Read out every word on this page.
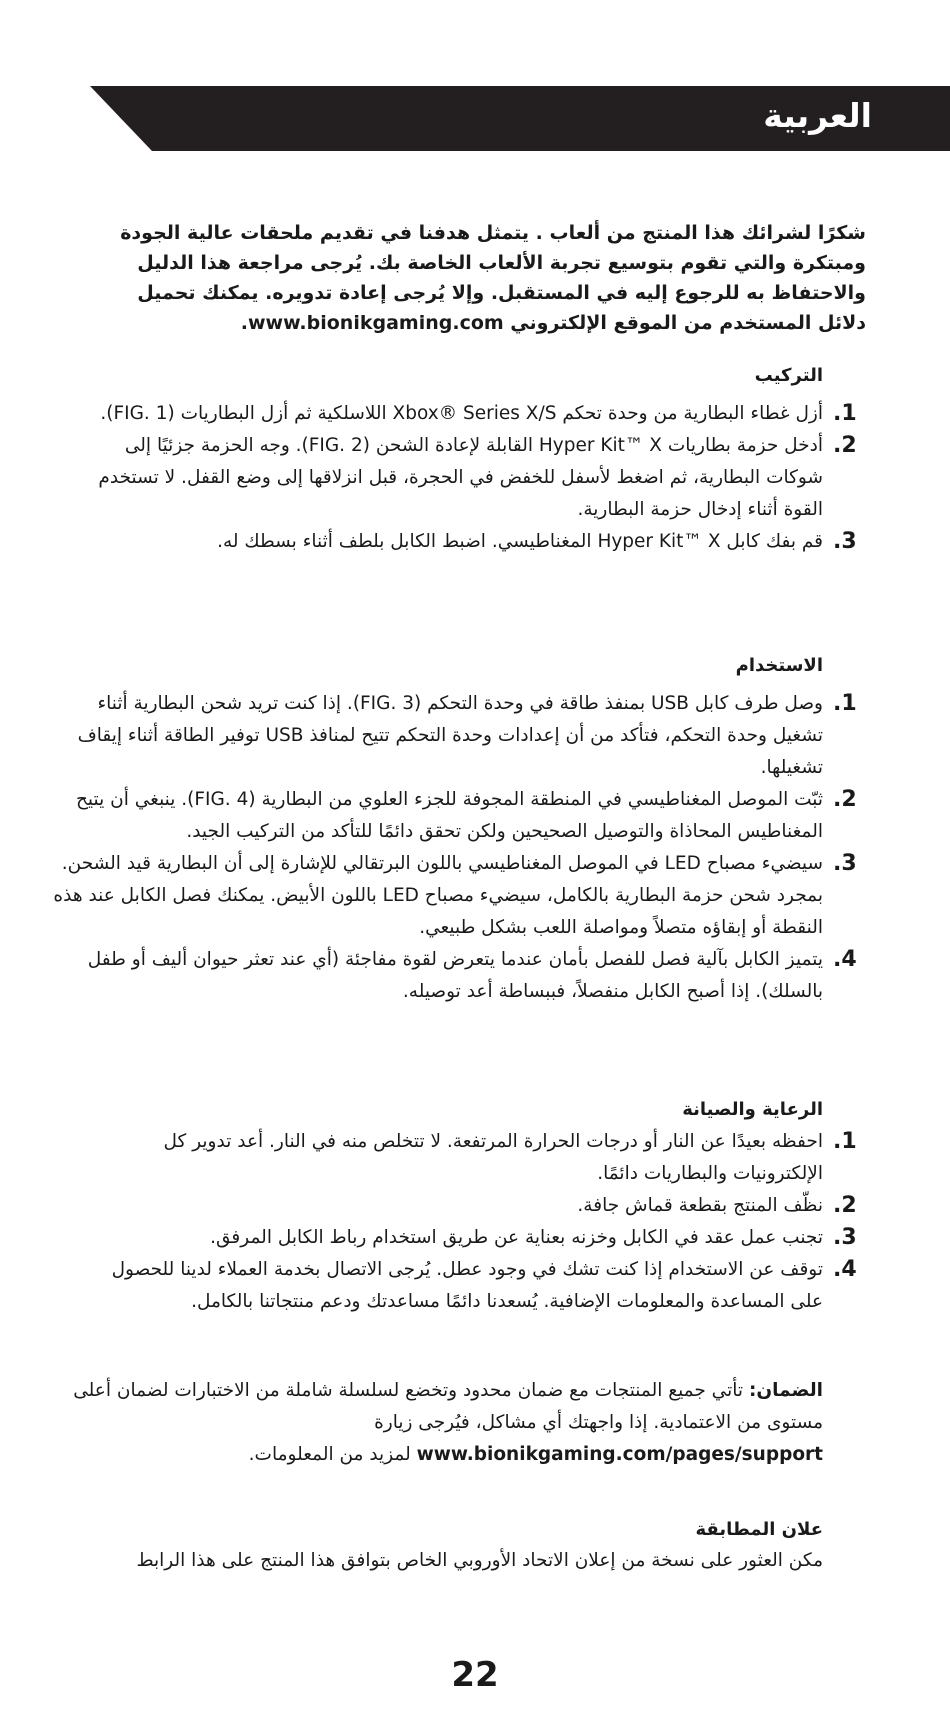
العربية

شكرًا لشرائك هذا المنتج من ألعاب . يتمثل هدفنا في تقديم ملحقات عالية الجودة ومبتكرة والتي تقوم بتوسيع تجربة الألعاب الخاصة بك. يُرجى مراجعة هذا الدليل والاحتفاظ به للرجوع إليه في المستقبل. وإلا يُرجى إعادة تدويره. يمكنك تحميل دلائل المستخدم من الموقع الإلكتروني www.bionikgaming.com.

التركيب
1 .
أزل غطاء البطارية من وحدة تحكم Xbox® Series X/S اللاسلكية ثم أزل البطاريات (FIG. 1).
2 .
أدخل حزمة بطاريات Hyper Kit™ X القابلة لإعادة الشحن (FIG. 2). وجه الحزمة جزئيًا إلى شوكات البطارية، ثم اضغط لأسفل للخفض في الحجرة، قبل انزلاقها إلى وضع القفل. لا تستخدم القوة أثناء إدخال حزمة البطارية.
3 .
قم بفك كابل Hyper Kit™ X المغناطيسي. اضبط الكابل بلطف أثناء بسطك له.
الاستخدام
1 .
وصل طرف كابل USB بمنفذ طاقة في وحدة التحكم (FIG. 3). إذا كنت تريد شحن البطارية أثناء تشغيل وحدة التحكم، فتأكد من أن إعدادات وحدة التحكم تتيح لمنافذ USB توفير الطاقة أثناء إيقاف تشغيلها.
2 .
ثبّت الموصل المغناطيسي في المنطقة المجوفة للجزء العلوي من البطارية (FIG. 4). ينبغي أن يتيح المغناطيس المحاذاة والتوصيل الصحيحين ولكن تحقق دائمًا للتأكد من التركيب الجيد.
3 .
سيضيء مصباح LED في الموصل المغناطيسي باللون البرتقالي للإشارة إلى أن البطارية قيد الشحن. بمجرد شحن حزمة البطارية بالكامل، سيضيء مصباح LED باللون الأبيض. يمكنك فصل الكابل عند هذه النقطة أو إبقاؤه متصلاً ومواصلة اللعب بشكل طبيعي.
4 .
يتميز الكابل بآلية فصل للفصل بأمان عندما يتعرض لقوة مفاجئة (أي عند تعثر حيوان أليف أو طفل بالسلك). إذا أصبح الكابل منفصلاً، فببساطة أعد توصيله.
الرعاية والصيانة
1 .
احفظه بعيدًا عن النار أو درجات الحرارة المرتفعة. لا تتخلص منه في النار. أعد تدوير كل الإلكترونيات والبطاريات دائمًا.
2 .
نظّف المنتج بقطعة قماش جافة.
3 .
تجنب عمل عقد في الكابل وخزنه بعناية عن طريق استخدام رباط الكابل المرفق.
4 .
توقف عن الاستخدام إذا كنت تشك في وجود عطل. يُرجى الاتصال بخدمة العملاء لدينا للحصول على المساعدة والمعلومات الإضافية. يُسعدنا دائمًا مساعدتك ودعم منتجاتنا بالكامل.

الضمان: تأتي جميع المنتجات مع ضمان محدود وتخضع لسلسلة شاملة من الاختبارات لضمان أعلى مستوى من الاعتمادية. إذا واجهتك أي مشاكل، فيُرجى زيارة www.bionikgaming.com/pages/support لمزيد من المعلومات.

علان المطابقة
مكن العثور على نسخة من إعلان الاتحاد الأوروبي الخاص بتوافق هذا المنتج على هذا الرابط
22
